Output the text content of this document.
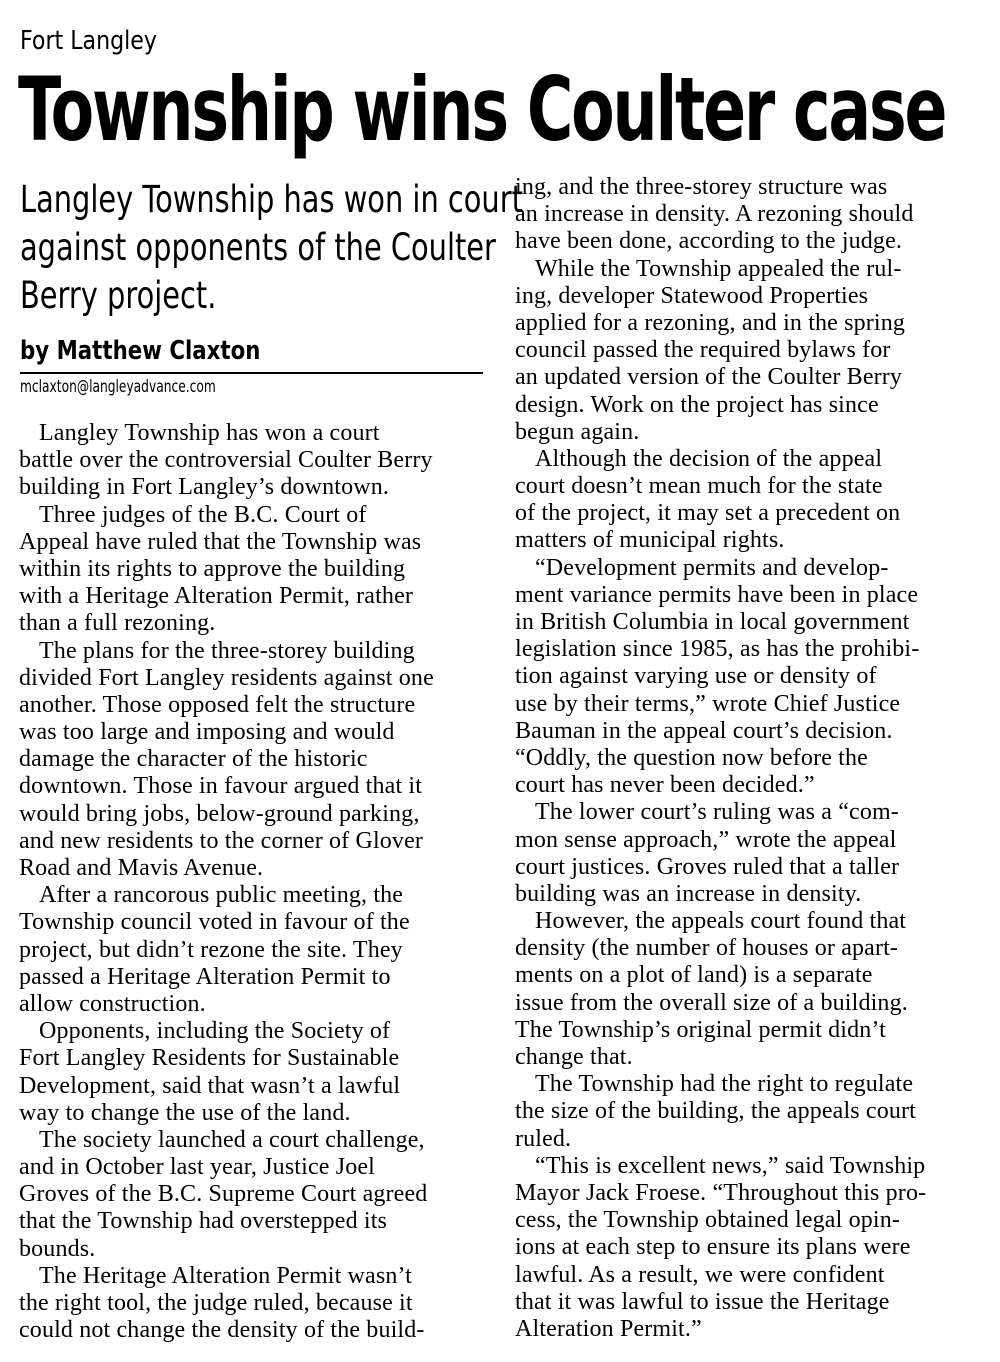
Fort Langley
Township wins Coulter case
Langley Township has won in court
against opponents of the Coulter
Berry project.
by Matthew Claxton
mclaxton@langleyadvance.com
Langley Township has won a court
battle over the controversial Coulter Berry
building in Fort Langley’s downtown.
Three judges of the B.C. Court of
Appeal have ruled that the Township was
within its rights to approve the building
with a Heritage Alteration Permit, rather
than a full rezoning.
The plans for the three-storey building
divided Fort Langley residents against one
another. Those opposed felt the structure
was too large and imposing and would
damage the character of the historic
downtown. Those in favour argued that it
would bring jobs, below-ground parking,
and new residents to the corner of Glover
Road and Mavis Avenue.
After a rancorous public meeting, the
Township council voted in favour of the
project, but didn’t rezone the site. They
passed a Heritage Alteration Permit to
allow construction.
Opponents, including the Society of
Fort Langley Residents for Sustainable
Development, said that wasn’t a lawful
way to change the use of the land.
The society launched a court challenge,
and in October last year, Justice Joel
Groves of the B.C. Supreme Court agreed
that the Township had overstepped its
bounds.
The Heritage Alteration Permit wasn’t
the right tool, the judge ruled, because it
could not change the density of the build-
ing, and the three-storey structure was
an increase in density. A rezoning should
have been done, according to the judge.
While the Township appealed the rul-
ing, developer Statewood Properties
applied for a rezoning, and in the spring
council passed the required bylaws for
an updated version of the Coulter Berry
design. Work on the project has since
begun again.
Although the decision of the appeal
court doesn’t mean much for the state
of the project, it may set a precedent on
matters of municipal rights.
“Development permits and develop-
ment variance permits have been in place
in British Columbia in local government
legislation since 1985, as has the prohibi-
tion against varying use or density of
use by their terms,” wrote Chief Justice
Bauman in the appeal court’s decision.
“Oddly, the question now before the
court has never been decided.”
The lower court’s ruling was a “com-
mon sense approach,” wrote the appeal
court justices. Groves ruled that a taller
building was an increase in density.
However, the appeals court found that
density (the number of houses or apart-
ments on a plot of land) is a separate
issue from the overall size of a building.
The Township’s original permit didn’t
change that.
The Township had the right to regulate
the size of the building, the appeals court
ruled.
“This is excellent news,” said Township
Mayor Jack Froese. “Throughout this pro-
cess, the Township obtained legal opin-
ions at each step to ensure its plans were
lawful. As a result, we were confident
that it was lawful to issue the Heritage
Alteration Permit.”
